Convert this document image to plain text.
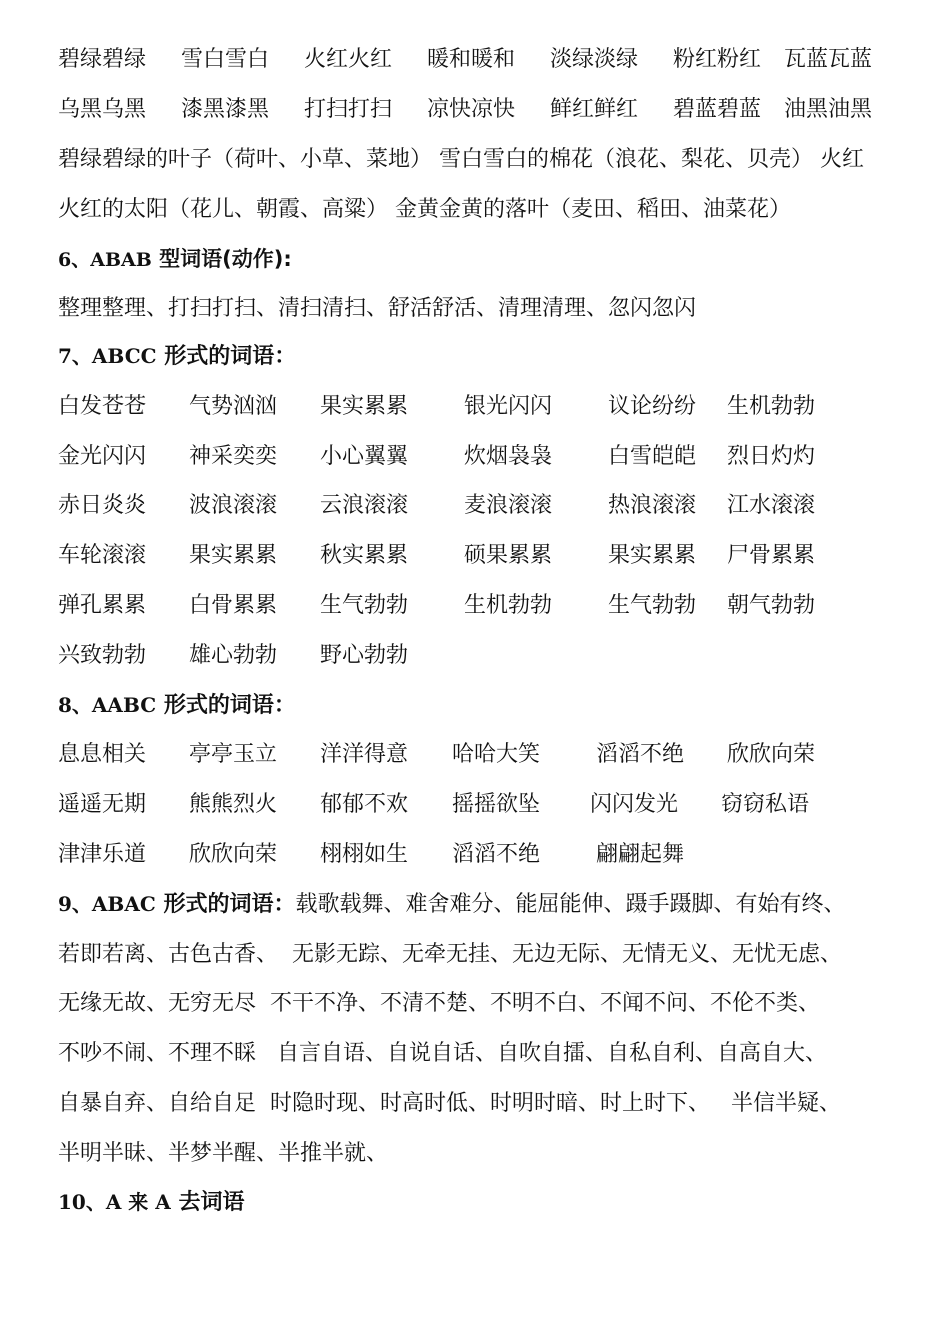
碧绿碧绿 雪白雪白 火红火红 暖和暖和 淡绿淡绿 粉红粉红 瓦蓝瓦蓝
乌黑乌黑 漆黑漆黑 打扫打扫 凉快凉快 鲜红鲜红 碧蓝碧蓝 油黑油黑
碧绿碧绿的叶子（荷叶、小草、菜地） 雪白雪白的棉花（浪花、梨花、贝壳） 火红
火红的太阳（花儿、朝霞、高粱） 金黄金黄的落叶（麦田、稻田、油菜花）
6、ABAB 型词语(动作):
整理整理、打扫打扫、清扫清扫、舒活舒活、清理清理、忽闪忽闪
7、ABCC 形式的词语：
白发苍苍 气势汹汹 果实累累	银光闪闪	议论纷纷 生机勃勃
金光闪闪 神采奕奕 小心翼翼	炊烟袅袅	白雪皑皑 烈日灼灼
赤日炎炎 波浪滚滚 云浪滚滚	麦浪滚滚	热浪滚滚 江水滚滚
车轮滚滚 果实累累 秋实累累	硕果累累	果实累累 尸骨累累
弹孔累累 白骨累累 生气勃勃	生机勃勃	生气勃勃 朝气勃勃
兴致勃勃 雄心勃勃 野心勃勃
8、AABC 形式的词语：
息息相关 亭亭玉立 洋洋得意 哈哈大笑	滔滔不绝 欣欣向荣
遥遥无期 熊熊烈火 郁郁不欢 摇摇欲坠 闪闪发光 窃窃私语
津津乐道 欣欣向荣 栩栩如生 滔滔不绝	翩翩起舞
9、ABAC 形式的词语：载歌载舞、难舍难分、能屈能伸、蹑手蹑脚、有始有终、
若即若离、古色古香、  无影无踪、无牵无挂、无边无际、无情无义、无忧无虑、
无缘无故、无穷无尽  不干不净、不清不楚、不明不白、不闻不问、不伦不类、
不吵不闹、不理不睬   自言自语、自说自话、自吹自擂、自私自利、自高自大、
自暴自弃、自给自足  时隐时现、时高时低、时明时暗、时上时下、   半信半疑、
半明半昧、半梦半醒、半推半就、
10、A 来 A 去词语
